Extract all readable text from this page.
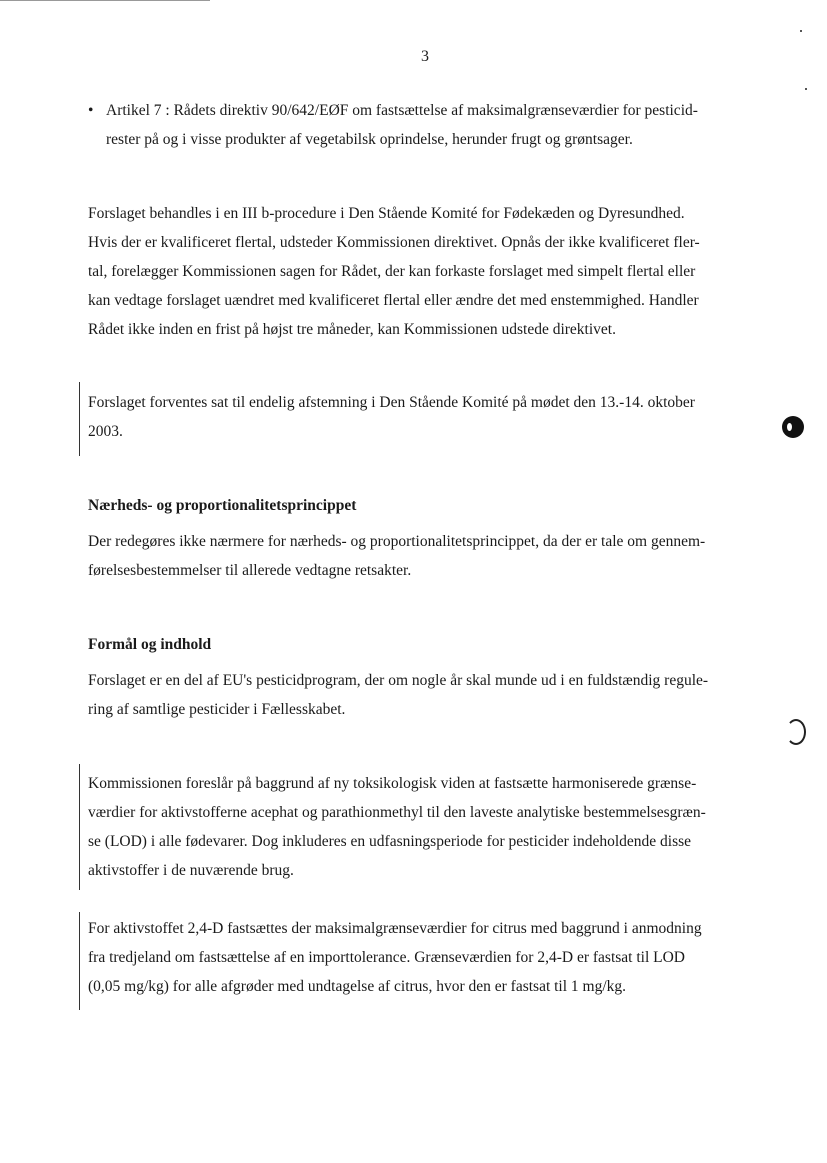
3
• Artikel 7 : Rådets direktiv 90/642/EØF om fastsættelse af maksimalgrænseværdier for pesticid-
rester på og i visse produkter af vegetabilsk oprindelse, herunder frugt og grøntsager.
Forslaget behandles i en III b-procedure i Den Stående Komité for Fødekæden og Dyresundhed.
Hvis der er kvalificeret flertal, udsteder Kommissionen direktivet. Opnås der ikke kvalificeret fler-
tal, forelægger Kommissionen sagen for Rådet, der kan forkaste forslaget med simpelt flertal eller
kan vedtage forslaget uændret med kvalificeret flertal eller ændre det med enstemmighed. Handler
Rådet ikke inden en frist på højst tre måneder, kan Kommissionen udstede direktivet.
Forslaget forventes sat til endelig afstemning i Den Stående Komité på mødet den 13.-14. oktober
2003.
Nærheds- og proportionalitetsprincippet
Der redegøres ikke nærmere for nærheds- og proportionalitetsprincippet, da der er tale om gennem-
førelsesbestemmelser til allerede vedtagne retsakter.
Formål og indhold
Forslaget er en del af EU's pesticidprogram, der om nogle år skal munde ud i en fuldstændig regule-
ring af samtlige pesticider i Fællesskabet.
Kommissionen foreslår på baggrund af ny toksikologisk viden at fastsætte harmoniserede grænse-
værdier for aktivstofferne acephat og parathionmethyl til den laveste analytiske bestemmelsesgræn-
se (LOD) i alle fødevarer. Dog inkluderes en udfasningsperiode for pesticider indeholdende disse
aktivstoffer i de nuværende brug.
For aktivstoffet 2,4-D fastsættes der maksimalgrænseværdier for citrus med baggrund i anmodning
fra tredjeland om fastsættelse af en importtolerance. Grænseværdien for 2,4-D er fastsat til LOD
(0,05 mg/kg) for alle afgrøder med undtagelse af citrus, hvor den er fastsat til 1 mg/kg.
